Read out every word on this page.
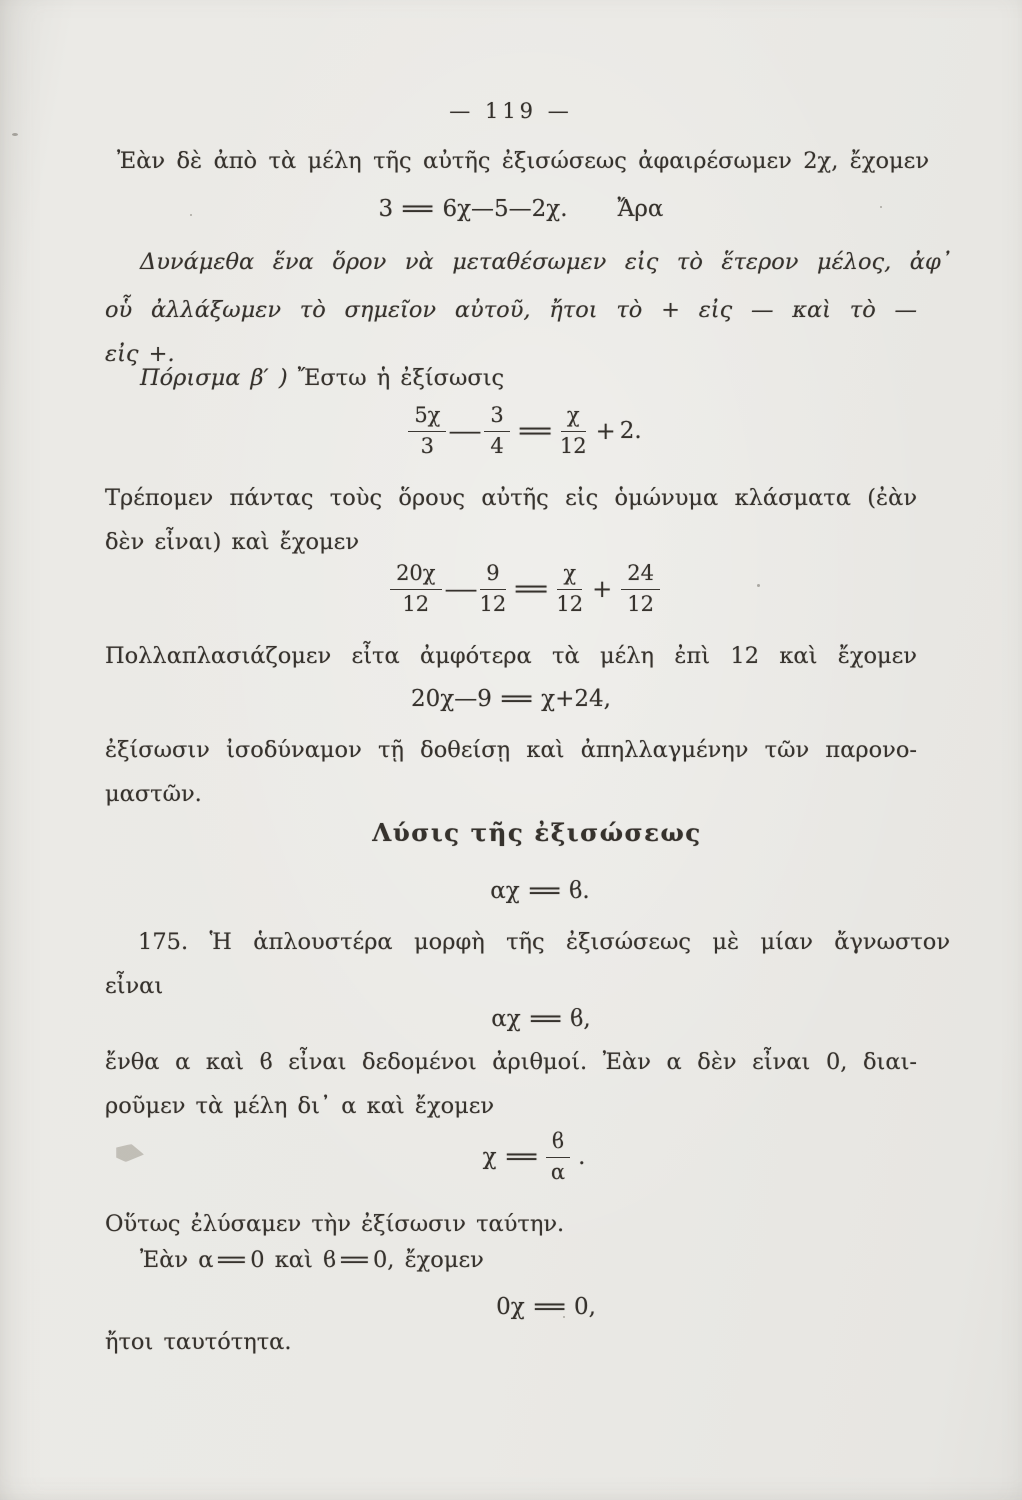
— 119 —
Ἐὰν δὲ ἀπὸ τὰ μέλη τῆς αὐτῆς ἐξισώσεως ἀφαιρέσωμεν 2χ, ἔχομεν
3 = 6χ—5—2χ. Ἄρα
Δυνάμεθα ἕνα ὅρον νὰ μεταθέσωμεν εἰς τὸ ἕτερον μέλος, ἀφ᾽
οὗ ἀλλάξωμεν τὸ σημεῖον αὐτοῦ, ἤτοι τὸ + εἰς — καὶ τὸ —
εἰς +.
Πόρισμα β′ ) Ἔστω ἡ ἐξίσωσις
$\frac{5\chi}{3}$ — $\frac{3}{4} = \frac{\chi}{12} + 2$.
Τρέπομεν πάντας τοὺς ὅρους αὐτῆς εἰς ὁμώνυμα κλάσματα (ἐὰν
δὲν εἶναι) καὶ ἔχομεν
$\frac{20\chi}{12}$ — $\frac{9}{12} = \frac{\chi}{12} + \frac{24}{12}$
Πολλαπλασιάζομεν εἶτα ἀμφότερα τὰ μέλη ἐπὶ 12 καὶ ἔχομεν
20χ—9 = χ+24,
ἐξίσωσιν ἰσοδύναμον τῇ δοθείσῃ καὶ ἀπηλλαγμένην τῶν παρονο-
μαστῶν.
Λύσις τῆς ἐξισώσεως
αχ = ϐ.
175. Ἡ ἁπλουστέρα μορφὴ τῆς ἐξισώσεως μὲ μίαν ἄγνωστον
εἶναι
αχ = ϐ,
ἔνθα α καὶ ϐ εἶναι δεδομένοι ἀριθμοί. Ἐὰν α δὲν εἶναι 0, διαι-
ροῦμεν τὰ μέλη δι᾽ α καὶ ἔχομεν
$\chi = \frac{ϐ}{\alpha}$ .
Οὕτως ἐλύσαμεν τὴν ἐξίσωσιν ταύτην.
Ἐὰν α=0 καὶ ϐ=0, ἔχομεν
0χ = 0,
ἤτοι ταυτότητα.
